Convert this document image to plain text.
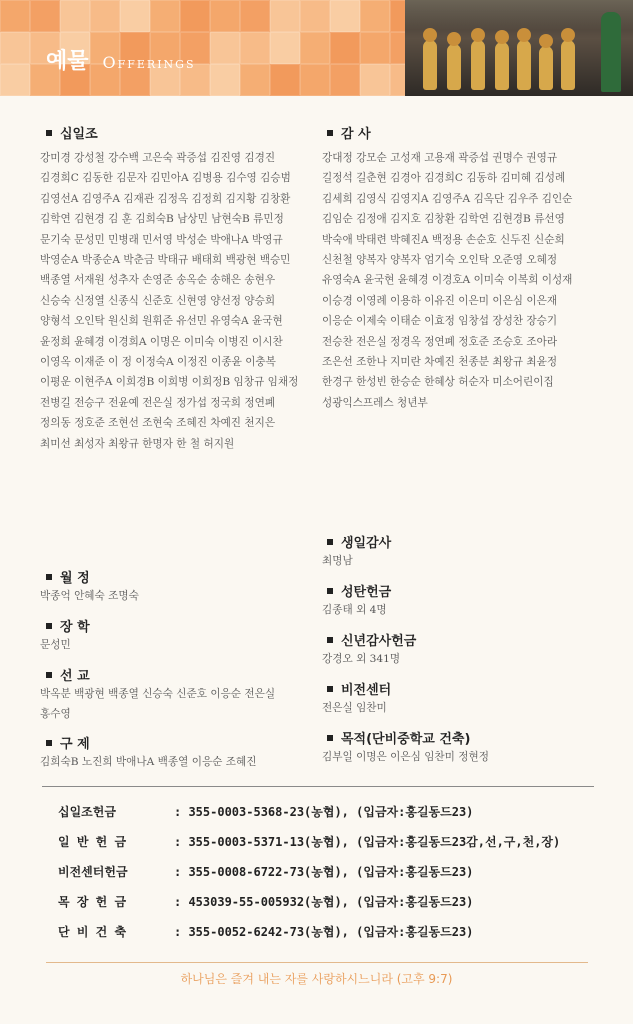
예물 Offerings
십일조
강미경 강성철 강수백 고은숙 곽증섭 김진영 김경진
김경희C 김동한 김문자 김민아A 김병용 김수영 김승범
김영선A 김영주A 김재관 김정옥 김정희 김지황 김창환
김학연 김현경 김 훈 김희숙B 남상민 남현숙B 류민정
문기숙 문성민 민병래 민서영 박성순 박애나A 박영규
박영순A 박종순A 박춘금 박태규 배태희 백광현 백승민
백종열 서재원 성추자 손영준 송옥순 송해은 송현우
신승숙 신정열 신종식 신준호 신현영 양선정 양승희
양형석 오인탁 원신희 원휘준 유선민 유영숙A 윤국현
윤정희 윤혜경 이경희A 이명은 이미숙 이병진 이시찬
이영옥 이재준 이 정 이정숙A 이정진 이종윤 이충복
이평운 이현주A 이희경B 이희병 이희정B 임창규 임채정
전병길 전승구 전윤예 전은실 정가섭 정국희 정연폐
정의동 정호준 조현선 조현숙 조혜진 차예진 천지은
최미선 최성자 최왕규 한명자 한 철 허지원
감 사
강대정 강모순 고성재 고용재 곽증섭 권명수 권영규
길정석 길춘현 김경아 김경희C 김동하 김미혜 김성례
김세희 김영식 김영지A 김영주A 김옥단 김우주 김인순
김임순 김정애 김지호 김창환 김학연 김현경B 류선영
박숙애 박태련 박혜진A 백정용 손순호 신두진 신순희
신천철 양복자 양복자 엄기숙 오인탁 오준영 오혜정
유영숙A 윤국현 윤혜경 이경호A 이미숙 이복희 이성재
이승경 이영례 이용하 이유진 이은미 이은심 이은재
이응순 이제숙 이태순 이효정 임창섭 장성찬 장승기
전승찬 전은실 정경옥 정연폐 정호준 조승호 조아라
조은선 조한나 지미란 차예진 천종분 최왕규 최윤정
한경구 한성빈 한승순 한혜상 허순자 미소어린이집
성광익스프레스 청년부
월 정
박종억 안혜숙 조명숙
장 학
문성민
선 교
박옥분 백광현 백종열 신승숙 신준호 이응순 전은실
홍수영
구 제
김희숙B 노진희 박애나A 백종열 이응순 조혜진
생일감사
최명남
성탄헌금
김종태 외 4명
신년감사헌금
강경오 외 341명
비전센터
전은실 임찬미
목적(단비중학교 건축)
김부일 이명은 이은심 임찬미 정현정
십일조헌금	: 355-0003-5368-23(농협), (입금자:홍길동드23)
일 반 헌 금	: 355-0003-5371-13(농협), (입금자:홍길동드23감,선,구,천,장)
비전센터헌금	: 355-0008-6722-73(농협), (입금자:홍길동드23)
목 장 헌 금	: 453039-55-005932(농협), (입금자:홍길동드23)
단 비 건 축	: 355-0052-6242-73(농협), (입금자:홍길동드23)
하나님은 즐겨 내는 자를 사랑하시느니라 (고후 9:7)
